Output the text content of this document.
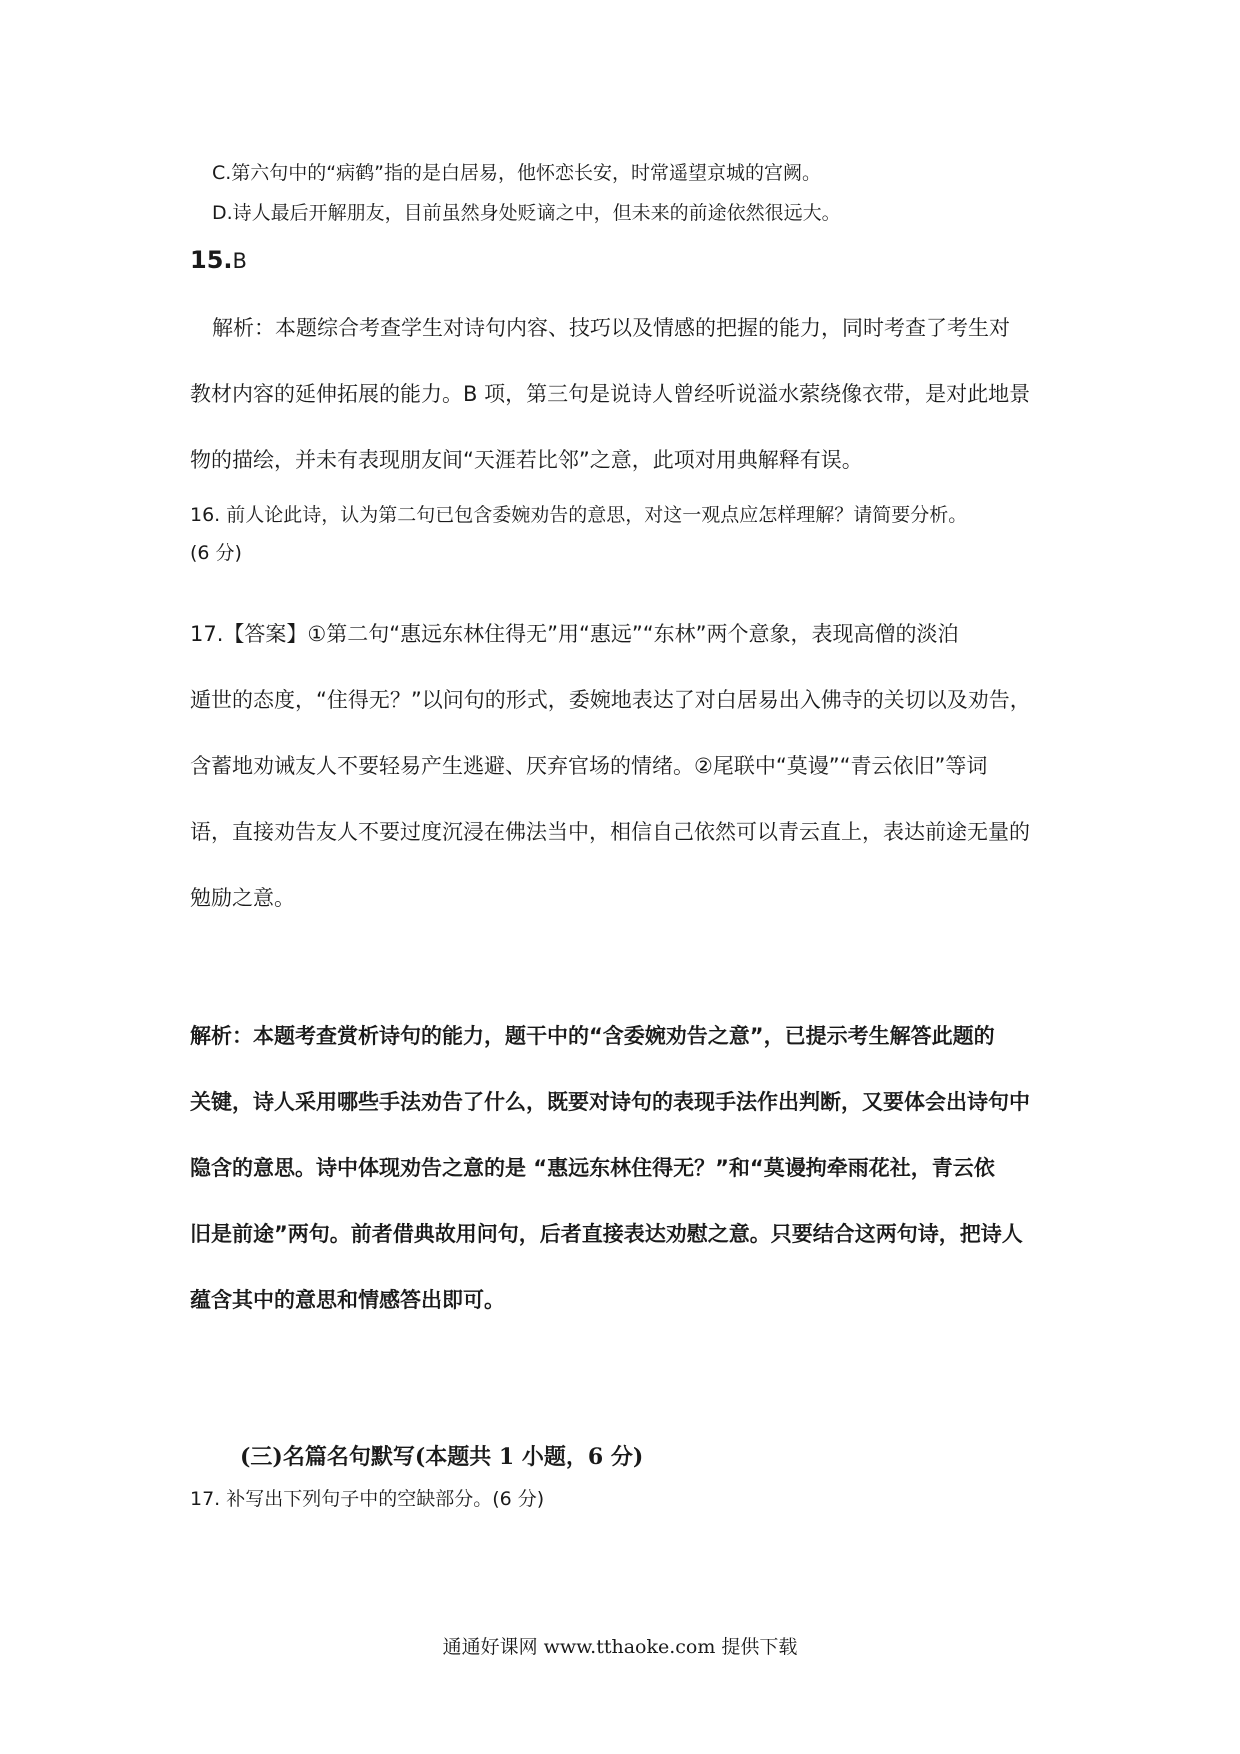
C.第六句中的“病鹤”指的是白居易，他怀恋长安，时常遥望京城的宫阙。
D.诗人最后开解朋友，目前虽然身处贬谪之中，但未来的前途依然很远大。
15.B
解析：本题综合考查学生对诗句内容、技巧以及情感的把握的能力，同时考查了考生对
教材内容的延伸拓展的能力。B 项，第三句是说诗人曾经听说溢水萦绕像衣带，是对此地景
物的描绘，并未有表现朋友间“天涯若比邻”之意，此项对用典解释有误。
16. 前人论此诗，认为第二句已包含委婉劝告的意思，对这一观点应怎样理解？请简要分析。
(6 分)
17.【答案】①第二句“惠远东林住得无”用“惠远”“东林”两个意象，表现高僧的淡泊
遁世的态度，“住得无？”以问句的形式，委婉地表达了对白居易出入佛寺的关切以及劝告，
含蓄地劝诫友人不要轻易产生逃避、厌弃官场的情绪。②尾联中“莫谩”“青云依旧”等词
语，直接劝告友人不要过度沉浸在佛法当中，相信自己依然可以青云直上，表达前途无量的
勉励之意。
解析：本题考查赏析诗句的能力，题干中的“含委婉劝告之意”，已提示考生解答此题的
关键，诗人采用哪些手法劝告了什么，既要对诗句的表现手法作出判断，又要体会出诗句中
隐含的意思。诗中体现劝告之意的是 “惠远东林住得无？”和“莫谩拘牵雨花社，青云依
旧是前途”两句。前者借典故用问句，后者直接表达劝慰之意。只要结合这两句诗，把诗人
蕴含其中的意思和情感答出即可。
(三)名篇名句默写(本题共 1 小题，6 分)
17. 补写出下列句子中的空缺部分。(6 分)
通通好课网 www.tthaoke.com 提供下载
